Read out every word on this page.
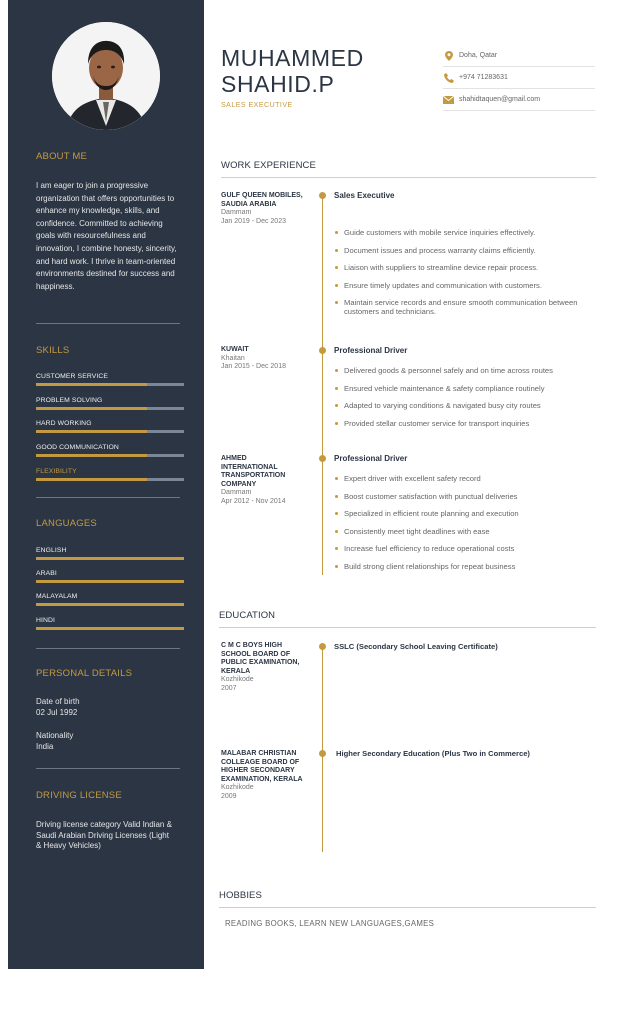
ABOUT ME
I am eager to join a progressive organization that offers opportunities to enhance my knowledge, skills, and confidence. Committed to achieving goals with resourcefulness and innovation, I combine honesty, sincerity, and hard work. I thrive in team-oriented environments destined for success and happiness.
SKILLS
CUSTOMER SERVICE
PROBLEM SOLVING
HARD WORKING
GOOD COMMUNICATION
FLEXIBILITY
LANGUAGES
ENGLISH
ARABI
MALAYALAM
HINDI
PERSONAL DETAILS
Date of birth
02 Jul 1992
Nationality
India
DRIVING LICENSE
Driving license category Valid Indian & Saudi Arabian Driving Licenses (Light & Heavy Vehicles)
MUHAMMED
SHAHID.P
SALES EXECUTIVE
Doha, Qatar
+974 71283631
shahidtaquen@gmail.com
WORK EXPERIENCE
GULF QUEEN MOBILES, SAUDIA ARABIA
Dammam
Jan 2019 - Dec 2023
Sales Executive
Guide customers with mobile service inquiries effectively.
Document issues and process warranty claims efficiently.
Liaison with suppliers to streamline device repair process.
Ensure timely updates and communication with customers.
Maintain service records and ensure smooth communication between customers and technicians.
KUWAIT
Khaitan
Jan 2015 - Dec 2018
Professional Driver
Delivered goods & personnel safely and on time across routes
Ensured vehicle maintenance & safety compliance routinely
Adapted to varying conditions & navigated busy city routes
Provided stellar customer service for transport inquiries
AHMED INTERNATIONAL TRANSPORTATION COMPANY
Dammam
Apr 2012 - Nov 2014
Professional Driver
Expert driver with excellent safety record
Boost customer satisfaction with punctual deliveries
Specialized in efficient route planning and execution
Consistently meet tight deadlines with ease
Increase fuel efficiency to reduce operational costs
Build strong client relationships for repeat business
EDUCATION
C M C BOYS HIGH SCHOOL BOARD OF PUBLIC EXAMINATION, KERALA
Kozhikode
2007
SSLC (Secondary School Leaving Certificate)
MALABAR CHRISTIAN COLLEAGE BOARD OF HIGHER SECONDARY EXAMINATION, KERALA
Kozhikode
2009
Higher Secondary Education (Plus Two in Commerce)
HOBBIES
READING BOOKS, LEARN NEW LANGUAGES,GAMES
